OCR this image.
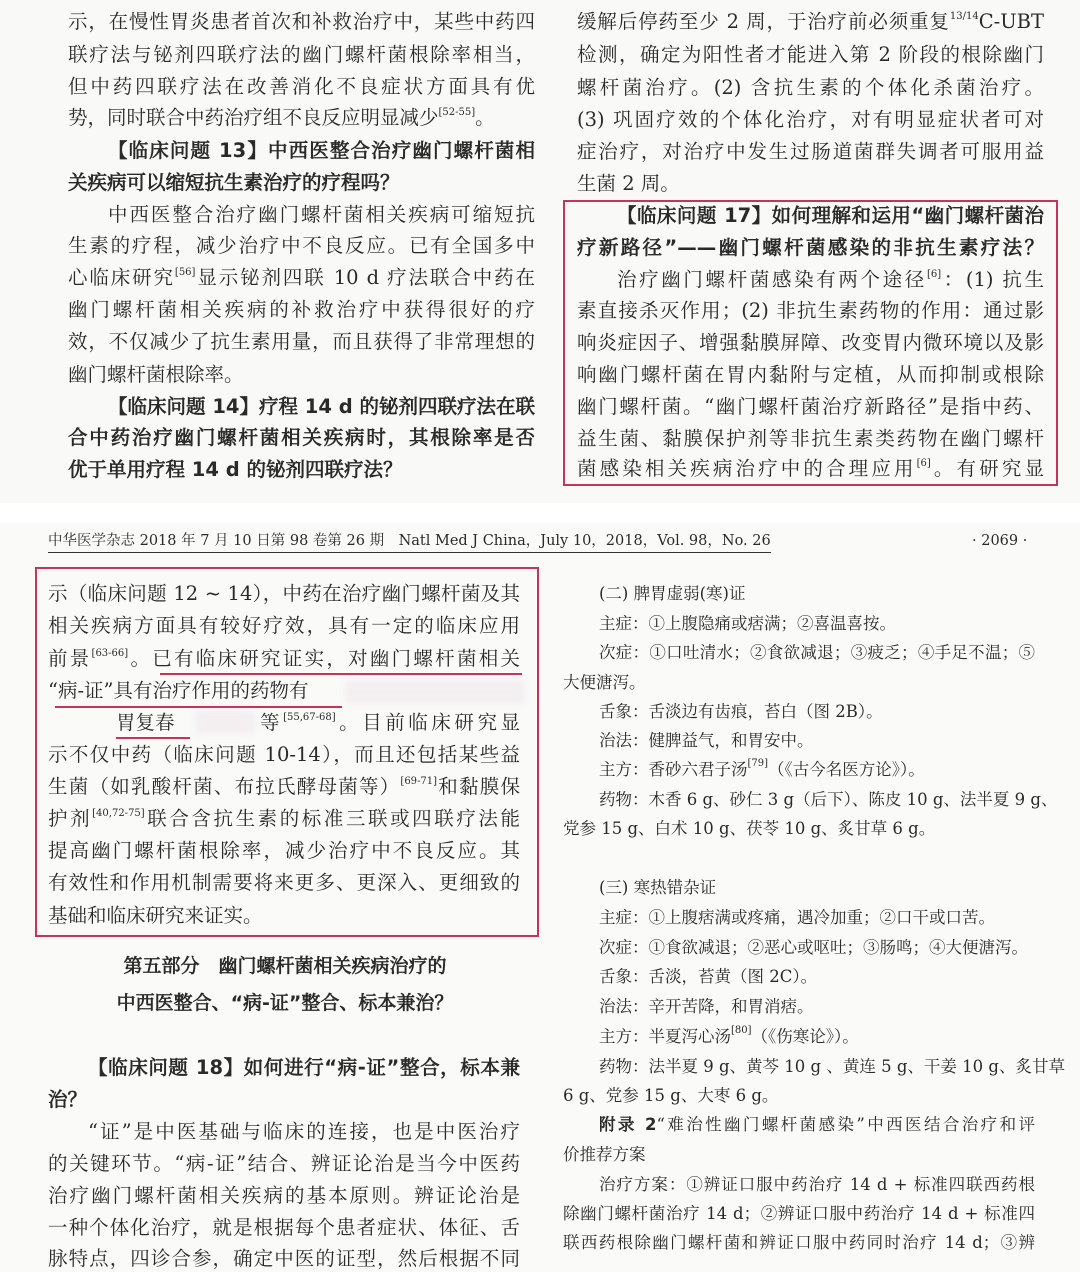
示，在慢性胃炎患者首次和补救治疗中，某些中药四
联疗法与铋剂四联疗法的幽门螺杆菌根除率相当，
但中药四联疗法在改善消化不良症状方面具有优
势，同时联合中药治疗组不良反应明显减少[52-55]。
【临床问题 13】中西医整合治疗幽门螺杆菌相
关疾病可以缩短抗生素治疗的疗程吗？
中西医整合治疗幽门螺杆菌相关疾病可缩短抗
生素的疗程，减少治疗中不良反应。已有全国多中
心临床研究[56]显示铋剂四联 10 d 疗法联合中药在
幽门螺杆菌相关疾病的补救治疗中获得很好的疗
效，不仅减少了抗生素用量，而且获得了非常理想的
幽门螺杆菌根除率。
【临床问题 14】疗程 14 d 的铋剂四联疗法在联
合中药治疗幽门螺杆菌相关疾病时，其根除率是否
优于单用疗程 14 d 的铋剂四联疗法？
缓解后停药至少 2 周，于治疗前必须重复$^{13/14}$C-UBT
检测，确定为阳性者才能进入第 2 阶段的根除幽门
螺杆菌治疗。(2) 含抗生素的个体化杀菌治疗。
(3) 巩固疗效的个体化治疗，对有明显症状者可对
症治疗，对治疗中发生过肠道菌群失调者可服用益
生菌 2 周。
【临床问题 17】如何理解和运用“幽门螺杆菌治
疗新路径”——幽门螺杆菌感染的非抗生素疗法？
治疗幽门螺杆菌感染有两个途径[6]：(1) 抗生
素直接杀灭作用；(2) 非抗生素药物的作用：通过影
响炎症因子、增强黏膜屏障、改变胃内微环境以及影
响幽门螺杆菌在胃内黏附与定植，从而抑制或根除
幽门螺杆菌。“幽门螺杆菌治疗新路径”是指中药、
益生菌、黏膜保护剂等非抗生素类药物在幽门螺杆
菌感染相关疾病治疗中的合理应用[6]。有研究显
中华医学杂志 2018 年 7 月 10 日第 98 卷第 26 期　Natl Med J China，July 10，2018，Vol. 98，No. 26	· 2069 ·
示（临床问题 12 ~ 14），中药在治疗幽门螺杆菌及其
相关疾病方面具有较好疗效，具有一定的临床应用
前景[63-66]。已有临床研究证实，对幽门螺杆菌相关
“病-证”具有治疗作用的药物有
胃复春	等[55,67-68]。目前临床研究显
示不仅中药（临床问题 10-14），而且还包括某些益
生菌（如乳酸杆菌、布拉氏酵母菌等）[69-71]和黏膜保
护剂[40,72-75]联合含抗生素的标准三联或四联疗法能
提高幽门螺杆菌根除率，减少治疗中不良反应。其
有效性和作用机制需要将来更多、更深入、更细致的
基础和临床研究来证实。
【临床问题 18】如何进行“病-证”整合，标本兼
治？
“证”是中医基础与临床的连接，也是中医治疗
的关键环节。“病-证”结合、辨证论治是当今中医药
治疗幽门螺杆菌相关疾病的基本原则。辨证论治是
一种个体化治疗，就是根据每个患者症状、体征、舌
脉特点，四诊合参，确定中医的证型，然后根据不同
(二) 脾胃虚弱(寒)证
主症：①上腹隐痛或痞满；②喜温喜按。
次症：①口吐清水；②食欲减退；③疲乏；④手足不温；⑤
大便溏泻。
舌象：舌淡边有齿痕，苔白（图 2B）。
治法：健脾益气，和胃安中。
主方：香砂六君子汤[79]（《古今名医方论》）。
药物：木香 6 g、砂仁 3 g（后下）、陈皮 10 g、法半夏 9 g、
党参 15 g、白术 10 g、茯苓 10 g、炙甘草 6 g。
(三) 寒热错杂证
主症：①上腹痞满或疼痛，遇冷加重；②口干或口苦。
次症：①食欲减退；②恶心或呕吐；③肠鸣；④大便溏泻。
舌象：舌淡，苔黄（图 2C）。
治法：辛开苦降，和胃消痞。
主方：半夏泻心汤[80]（《伤寒论》）。
药物：法半夏 9 g、黄芩 10 g 、黄连 5 g、干姜 10 g、炙甘草
6 g、党参 15 g、大枣 6 g。
附录 2“难治性幽门螺杆菌感染”中西医结合治疗和评
价推荐方案
治疗方案：①辨证口服中药治疗 14 d + 标准四联西药根
除幽门螺杆菌治疗 14 d；②辨证口服中药治疗 14 d + 标准四
联西药根除幽门螺杆菌和辨证口服中药同时治疗 14 d；③辨
第五部分　幽门螺杆菌相关疾病治疗的
中西医整合、“病-证”整合、标本兼治？
